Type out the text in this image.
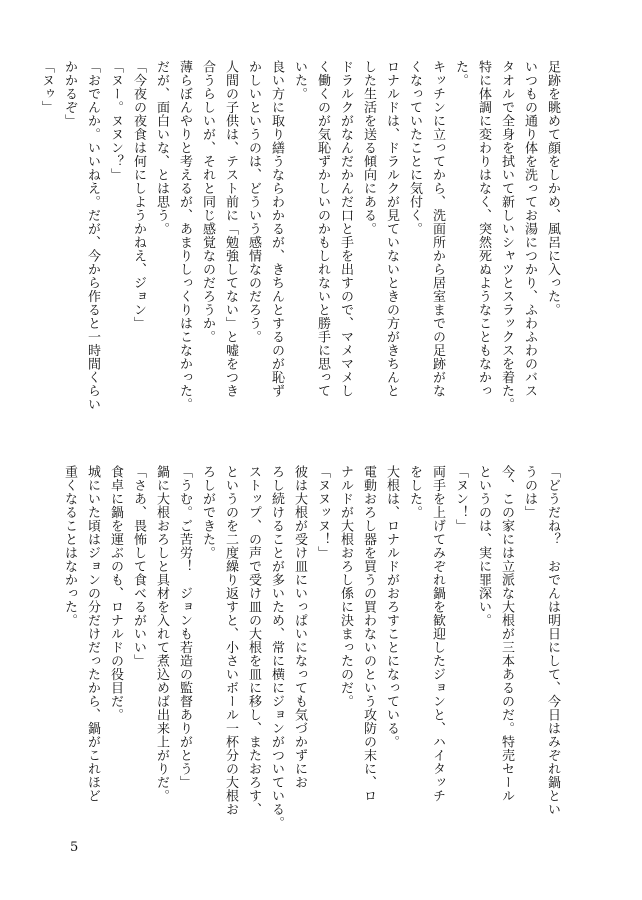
足跡を眺めて顔をしかめ、風呂に入った。
いつもの通り体を洗ってお湯につかり、ふわふわのバス
タオルで全身を拭いて新しいシャツとスラックスを着た。
特に体調に変わりはなく、突然死ぬようなこともなかっ
た。
キッチンに立ってから、洗面所から居室までの足跡がな
くなっていたことに気付く。
ロナルドは、ドラルクが見ていないときの方がきちんと
した生活を送る傾向にある。
ドラルクがなんだかんだ口と手を出すので、マメマメし
く働くのが気恥ずかしいのかもしれないと勝手に思って
いた。
良い方に取り繕うならわかるが、きちんとするのが恥ず
かしいというのは、どういう感情なのだろう。
人間の子供は、テスト前に「勉強してない」と嘘をつき
合うらしいが、それと同じ感覚なのだろうか。
薄らぼんやりと考えるが、あまりしっくりはこなかった。
だが、面白いな、とは思う。
「今夜の夜食は何にしようかねえ、ジョン」
「ヌー。ヌヌン？」
「おでんか。いいねえ。だが、今から作ると一時間くらい
かかるぞ」
「ヌゥ」
「どうだね？　おでんは明日にして、今日はみぞれ鍋とい
うのは」
今、この家には立派な大根が三本あるのだ。特売セール
というのは、実に罪深い。
「ヌン！」
両手を上げてみぞれ鍋を歓迎したジョンと、ハイタッチ
をした。
大根は、ロナルドがおろすことになっている。
電動おろし器を買うの買わないのという攻防の末に、ロ
ナルドが大根おろし係に決まったのだ。
「ヌヌッヌ！」
彼は大根が受け皿にいっぱいになっても気づかずにお
ろし続けることが多いため、常に横にジョンがついている。
ストップ、の声で受け皿の大根を皿に移し、またおろす、
というのを二度繰り返すと、小さいボール一杯分の大根お
ろしができた。
「うむ。ご苦労！　ジョンも若造の監督ありがとう」
鍋に大根おろしと具材を入れて煮込めば出来上がりだ。
「さあ、畏怖して食べるがいい」
食卓に鍋を運ぶのも、ロナルドの役目だ。
城にいた頃はジョンの分だけだったから、鍋がこれほど
重くなることはなかった。
5
